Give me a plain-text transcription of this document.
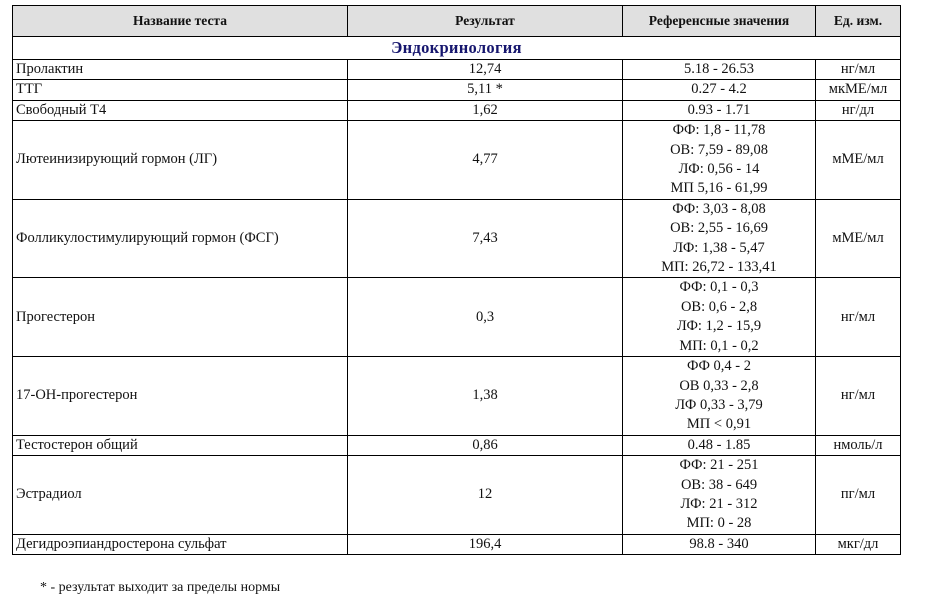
Название теста	Результат	Референсные значения	Ед. изм.
Эндокринология			
Пролактин	12,74	5.18 - 26.53	нг/мл
ТТГ	5,11 *	0.27 - 4.2	мкМЕ/мл
Свободный Т4	1,62	0.93 - 1.71	нг/дл
Лютеинизирующий гормон (ЛГ)	4,77	ФФ: 1,8 - 11,78
ОВ: 7,59 - 89,08
ЛФ: 0,56 - 14
МП 5,16 - 61,99	мМЕ/мл
Фолликулостимулирующий гормон (ФСГ)	7,43	ФФ: 3,03 - 8,08
ОВ: 2,55 - 16,69
ЛФ: 1,38 - 5,47
МП: 26,72 - 133,41	мМЕ/мл
Прогестерон	0,3	ФФ: 0,1 - 0,3
ОВ: 0,6 - 2,8
ЛФ: 1,2 - 15,9
МП: 0,1 - 0,2	нг/мл
17-ОН-прогестерон	1,38	ФФ 0,4 - 2
ОВ 0,33 - 2,8
ЛФ 0,33 - 3,79
МП < 0,91	нг/мл
Тестостерон общий	0,86	0.48 - 1.85	нмоль/л
Эстрадиол	12	ФФ: 21 - 251
ОВ: 38 - 649
ЛФ: 21 - 312
МП: 0 - 28	пг/мл
Дегидроэпиандростерона сульфат	196,4	98.8 - 340	мкг/дл
* - результат выходит за пределы нормы
